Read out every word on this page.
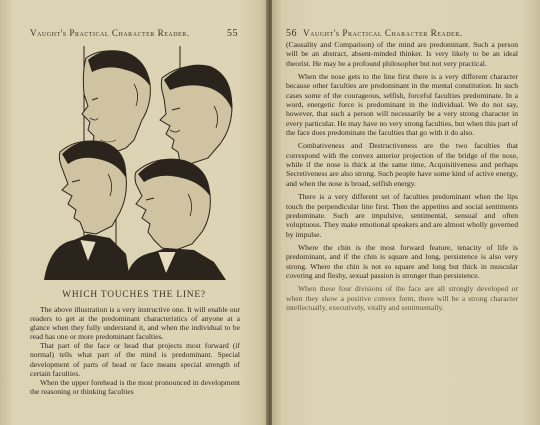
Vaught's Practical Character Reader.	55
WHICH TOUCHES THE LINE?

The above illustration is a very instructive one. It will enable our readers to get at the predominant characteristics of anyone at a glance when they fully understand it, and when the individual to be read has one or more predominant faculties.

That part of the face or head that projects most forward (if normal) tells what part of the mind is predominant. Special development of parts of head or face means special strength of certain faculties.

When the upper forehead is the most pronounced in development the reasoning or thinking faculties

56 Vaught's Practical Character Reader.

(Causality and Comparison) of the mind are predominant. Such a person will be an abstract, absent-minded thinker. Is very likely to be an ideal theorist. He may be a profound philosopher but not very practical.

When the nose gets to the line first there is a very different character because other faculties are predominant in the mental constitution. In such cases some of the courageous, selfish, forceful faculties predominate. In a word, energetic force is predominant in the individual. We do not say, however, that such a person will necessarily be a very strong character in every particular. He may have no very strong faculties, but when this part of the face does predominate the faculties that go with it do also.

Combativeness and Destructiveness are the two faculties that correspond with the convex anterior projection of the bridge of the nose, while if the nose is thick at the same time, Acquisitiveness and perhaps Secretiveness are also strong. Such people have some kind of active energy, and when the nose is broad, selfish energy.

There is a very different set of faculties predominant when the lips touch the perpendicular line first. Then the appetites and social sentiments predominate. Such are impulsive, sentimental, sensual and often voluptuous. They make emotional speakers and are almost wholly governed by impulse.

Where the chin is the most forward feature, tenacity of life is predominant, and if the chin is square and long, persistence is also very strong. Where the chin is not so square and long but thick in muscular covering and fleshy, sexual passion is stronger than persistence.

When these four divisions of the face are all strongly developed or when they show a positive convex form, there will be a strong character intellectually, executively, vitally and sentimentally.
